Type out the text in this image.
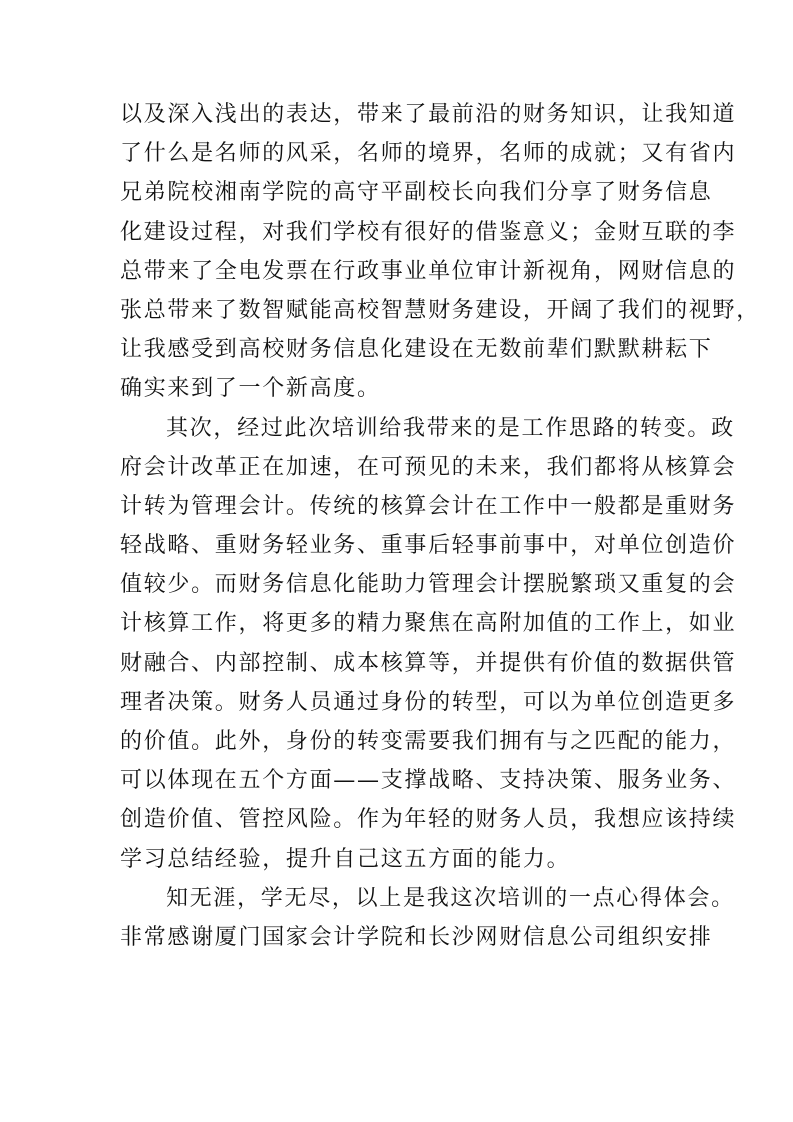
以及深入浅出的表达，带来了最前沿的财务知识，让我知道
了什么是名师的风采，名师的境界，名师的成就；又有省内
兄弟院校湘南学院的高守平副校长向我们分享了财务信息
化建设过程，对我们学校有很好的借鉴意义；金财互联的李
总带来了全电发票在行政事业单位审计新视角，网财信息的
张总带来了数智赋能高校智慧财务建设，开阔了我们的视野，
让我感受到高校财务信息化建设在无数前辈们默默耕耘下
确实来到了一个新高度。
其次，经过此次培训给我带来的是工作思路的转变。政
府会计改革正在加速，在可预见的未来，我们都将从核算会
计转为管理会计。传统的核算会计在工作中一般都是重财务
轻战略、重财务轻业务、重事后轻事前事中，对单位创造价
值较少。而财务信息化能助力管理会计摆脱繁琐又重复的会
计核算工作，将更多的精力聚焦在高附加值的工作上，如业
财融合、内部控制、成本核算等，并提供有价值的数据供管
理者决策。财务人员通过身份的转型，可以为单位创造更多
的价值。此外，身份的转变需要我们拥有与之匹配的能力，
可以体现在五个方面——支撑战略、支持决策、服务业务、
创造价值、管控风险。作为年轻的财务人员，我想应该持续
学习总结经验，提升自己这五方面的能力。
知无涯，学无尽，以上是我这次培训的一点心得体会。
非常感谢厦门国家会计学院和长沙网财信息公司组织安排
